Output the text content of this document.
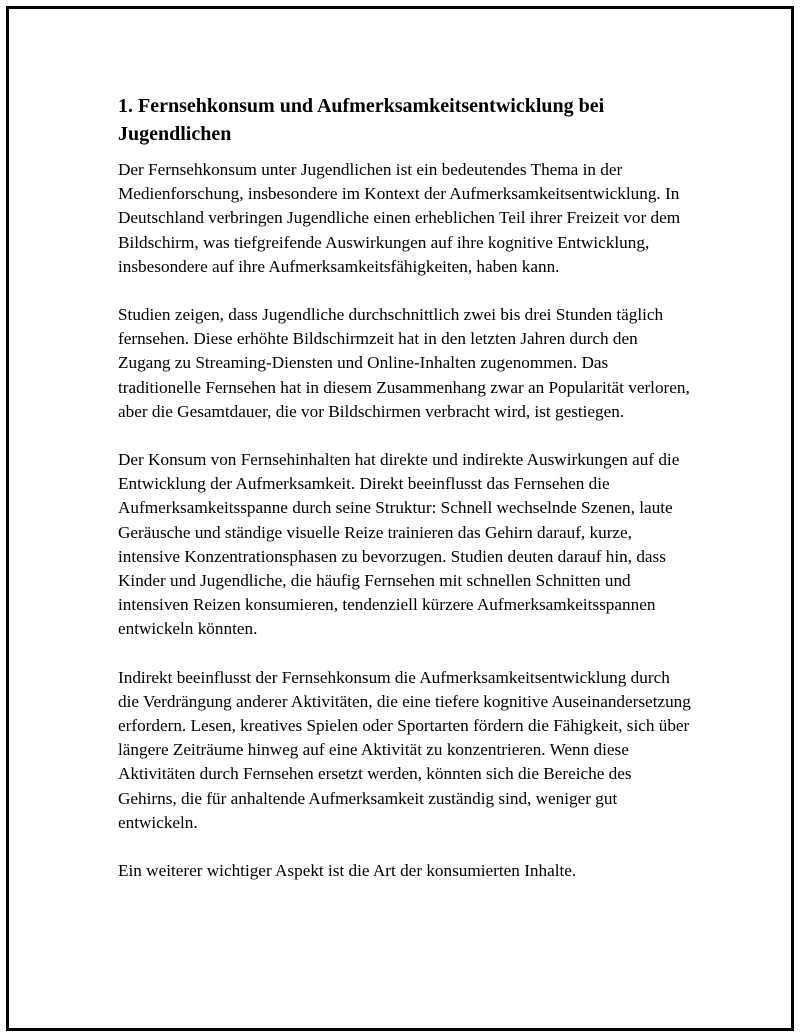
1. Fernsehkonsum und Aufmerksamkeitsentwicklung bei Jugendlichen

Der Fernsehkonsum unter Jugendlichen ist ein bedeutendes Thema in der Medienforschung, insbesondere im Kontext der Aufmerksamkeitsentwicklung. In Deutschland verbringen Jugendliche einen erheblichen Teil ihrer Freizeit vor dem Bildschirm, was tiefgreifende Auswirkungen auf ihre kognitive Entwicklung, insbesondere auf ihre Aufmerksamkeitsfähigkeiten, haben kann.

Studien zeigen, dass Jugendliche durchschnittlich zwei bis drei Stunden täglich fernsehen. Diese erhöhte Bildschirmzeit hat in den letzten Jahren durch den Zugang zu Streaming-Diensten und Online-Inhalten zugenommen. Das traditionelle Fernsehen hat in diesem Zusammenhang zwar an Popularität verloren, aber die Gesamtdauer, die vor Bildschirmen verbracht wird, ist gestiegen.

Der Konsum von Fernsehinhalten hat direkte und indirekte Auswirkungen auf die Entwicklung der Aufmerksamkeit. Direkt beeinflusst das Fernsehen die Aufmerksamkeitsspanne durch seine Struktur: Schnell wechselnde Szenen, laute Geräusche und ständige visuelle Reize trainieren das Gehirn darauf, kurze, intensive Konzentrationsphasen zu bevorzugen. Studien deuten darauf hin, dass Kinder und Jugendliche, die häufig Fernsehen mit schnellen Schnitten und intensiven Reizen konsumieren, tendenziell kürzere Aufmerksamkeitsspannen entwickeln könnten.

Indirekt beeinflusst der Fernsehkonsum die Aufmerksamkeitsentwicklung durch die Verdrängung anderer Aktivitäten, die eine tiefere kognitive Auseinandersetzung erfordern. Lesen, kreatives Spielen oder Sportarten fördern die Fähigkeit, sich über längere Zeiträume hinweg auf eine Aktivität zu konzentrieren. Wenn diese Aktivitäten durch Fernsehen ersetzt werden, könnten sich die Bereiche des Gehirns, die für anhaltende Aufmerksamkeit zuständig sind, weniger gut entwickeln.

Ein weiterer wichtiger Aspekt ist die Art der konsumierten Inhalte.
